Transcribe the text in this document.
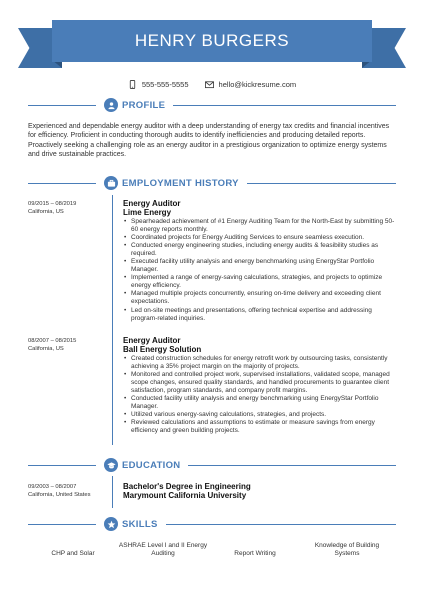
HENRY BURGERS
555-555-5555	hello@kickresume.com
PROFILE
Experienced and dependable energy auditor with a deep understanding of energy tax credits and financial incentives for efficiency. Proficient in conducting thorough audits to identify inefficiencies and producing detailed reports. Proactively seeking a challenging role as an energy auditor in a prestigious organization to optimize energy systems and drive sustainable practices.
EMPLOYMENT HISTORY
09/2015 – 08/2019
California, US
Energy Auditor
Lime Energy
• Spearheaded achievement of #1 Energy Auditing Team for the North-East by submitting 50-60 energy reports monthly.
• Coordinated projects for Energy Auditing Services to ensure seamless execution.
• Conducted energy engineering studies, including energy audits & feasibility studies as required.
• Executed facility utility analysis and energy benchmarking using EnergyStar Portfolio Manager.
• Implemented a range of energy-saving calculations, strategies, and projects to optimize energy efficiency.
• Managed multiple projects concurrently, ensuring on-time delivery and exceeding client expectations.
• Led on-site meetings and presentations, offering technical expertise and addressing program-related inquiries.
08/2007 – 08/2015
California, US
Energy Auditor
Ball Energy Solution
• Created construction schedules for energy retrofit work by outsourcing tasks, consistently achieving a 35% project margin on the majority of projects.
• Monitored and controlled project work, supervised installations, validated scope, managed scope changes, ensured quality standards, and handled procurements to guarantee client satisfaction, program standards, and company profit margins.
• Conducted facility utility analysis and energy benchmarking using EnergyStar Portfolio Manager.
• Utilized various energy-saving calculations, strategies, and projects.
• Reviewed calculations and assumptions to estimate or measure savings from energy efficiency and green building projects.
EDUCATION
09/2003 – 08/2007
California, United States
Bachelor's Degree in Engineering
Marymount California University
SKILLS
CHP and Solar
ASHRAE Level I and II Energy Auditing	Report Writing
Knowledge of Building Systems
